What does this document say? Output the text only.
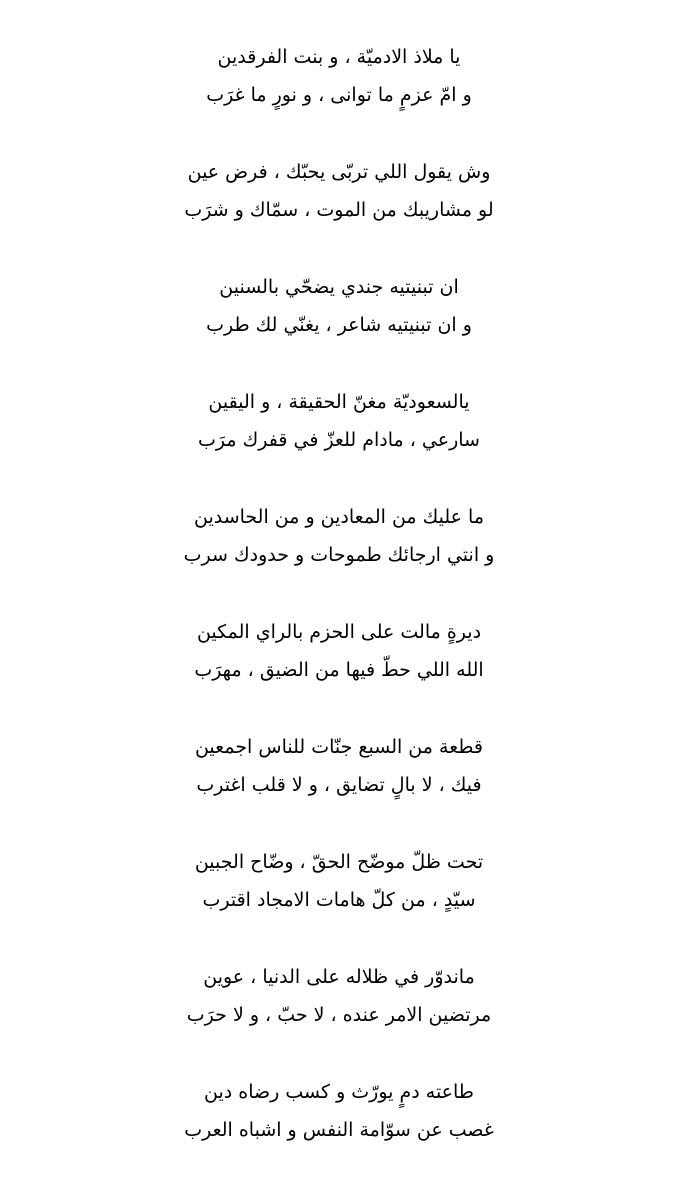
يا ملاذ الادميّة ، و بنت الفرقدين
و امّ عزمٍ ما توانى ، و نورٍ ما غرَب
وش يقول اللي تربّى يحبّك ، فرض عين
لو مشاريبك من الموت ، سمّاك و شرَب
ان تبنيتيه جندي يضحّي بالسنين
و ان تبنيتيه شاعر ، يغنّي لك طرب
يالسعوديّة مغنّ الحقيقة ، و اليقين
سارعي ، مادام للعزّ في قفرك مرَب
ما عليك من المعادين و من الحاسدين
و انتي ارجائك طموحات و حدودك سرب
ديرةٍ مالت على الحزم بالراي المكين
الله اللي حطّ فيها من الضيق ، مهرَب
قطعة من السبع جنّات للناس اجمعين
فيك ، لا بالٍ تضايق ، و لا قلب اغترب
تحت ظلّ موضّح الحقّ ، وضّاح الجبين
سيّدٍ ، من كلّ هامات الامجاد اقترب
ماندوّر في ظلاله على الدنيا ، عوين
مرتضين الامر عنده ، لا حبّ ، و لا حرَب
طاعته دمٍ يورّث و كسب رضاه دين
غصب عن سوّامة النفس و اشباه العرب
